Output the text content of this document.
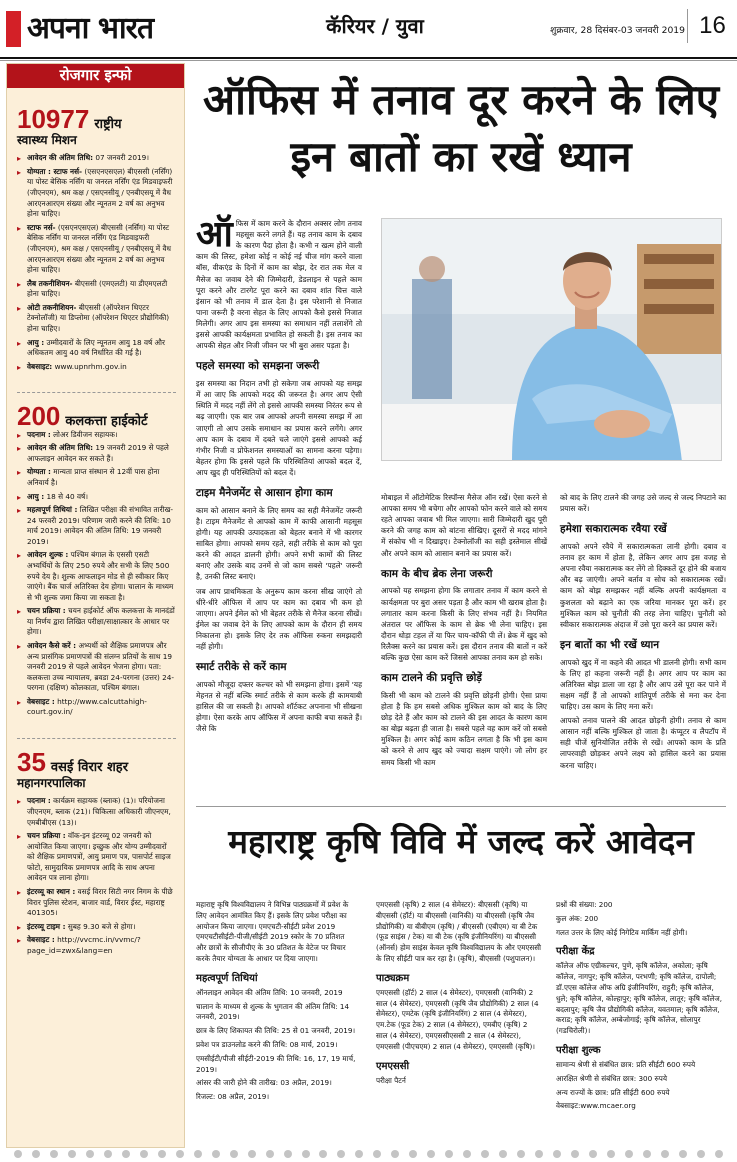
अपना भारत	कॅरियर / युवा	शुक्रवार, 28 दिसंबर-03 जनवरी 2019 16
रोजगार इन्फो
10977 राष्ट्रीय
स्वास्थ्य मिशन
▸ आवेदन की अंतिम तिथि: 07 जनवरी 2019।
▸ योग्यता : स्टाफ नर्स- (एसएनएसएल) बीएससी (नर्सिंग) या पोस्ट बेसिक नर्सिंग या जनरल नर्सिंग एंड मिडवाइफरी (जीएनएम), श्रम कक्ष / एसएनसीयू / एनबीएसयू में वैध आरएनआरएम संख्या और न्यूनतम 2 वर्ष का अनुभव होना चाहिए।
▸ स्टाफ नर्स- (एसएनएसएल) बीएससी (नर्सिंग) या पोस्ट बेसिक नर्सिंग या जनरल नर्सिंग एंड मिडवाइफरी (जीएनएम), श्रम कक्ष / एसएनसीयू / एनबीएसयू में वैध आरएनआरएम संख्या और न्यूनतम 2 वर्ष का अनुभव होना चाहिए।
▸ लैब तकनीशियन- बीएससी (एमएलटी) या डीएमएलटी होना चाहिए।
▸ ओटी तकनीशियन- बीएससी (ऑपरेशन थिएटर टेक्नोलॉजी) या डिप्लोमा (ऑपरेशन थिएटर प्रौद्योगिकी) होना चाहिए।
▸ आयु : उम्मीदवारों के लिए न्यूनतम आयु 18 वर्ष और अधिकतम आयु 40 वर्ष निर्धारित की गई है।
▸ वेबसाइट: www.upnrhm.gov.in
200 कलकत्ता हाईकोर्ट
▸ पदनाम : लोअर डिवीजन सहायक।
▸ आवेदन की अंतिम तिथि: 19 जनवरी 2019 से पहले आफलाइन आवेदन कर सकते हैं।
▸ योग्यता : मान्यता प्राप्त संस्थान से 12वीं पास होना अनिवार्य है।
▸ आयु : 18 से 40 वर्ष।
▸ महत्वपूर्ण तिथियां : लिखित परीक्षा की संभावित तारीख- 24 फरवरी 2019। परिणाम जारी करने की तिथि: 10 मार्च 2019। आवेदन की अंतिम तिथि: 19 जनवरी 2019।
▸ आवेदन शुल्क : पश्चिम बंगाल के एससी एसटी अभ्यर्थियों के लिए 250 रुपये और सभी के लिए 500 रुपये देय है। शुल्क आफलाइन मोड से ही स्वीकार किए जाएंगे। बैंक चार्ज अतिरिक्त देय होगा। चालान के माध्यम से भी शुल्क जमा किया जा सकता है।
▸ चयन प्रक्रिया : चयन हाईकोर्ट ऑफ कलकत्ता के मानदंडों या निर्णय द्वारा लिखित परीक्षा/साक्षात्कार के आधार पर होगा।
▸ आवेदन कैसे करें : अभ्यर्थी को शैक्षिक प्रमाणपत्र और अन्य प्रासंगिक प्रमाणपत्रों की संलग्न प्रतियों के साथ 19 जनवरी 2019 से पहले आवेदन भेजना होगा। पता: कलकत्ता उच्च न्यायालय, ब्रवडा 24-परगना (उत्तर) 24-परगना (दक्षिण) कोलकाता, पश्चिम बंगाल।
▸ वेबसाइट : http://www.calcuttahigh-court.gov.in/
35 वसई विरार शहर
महानगरपालिका
▸ पदनाम : कार्यक्रम सहायक (ब्लाक) (1)। परियोजना जीएनएम, ब्लाक (21)। चिकित्सा अधिकारी जीएनएम, एमबीबीएस (13)।
▸ चयन प्रक्रिया : वॉक-इन इंटरव्यू 02 जनवरी को आयोजित किया जाएगा। इच्छुक और योग्य उम्मीदवारों को शैक्षिक प्रमाणपत्रों, आयु प्रमाण पत्र, पासपोर्ट साइज फोटो, सामुदायिक प्रमाणपत्र आदि के साथ अपना आवेदन पत्र लाना होगा।
▸ इंटरव्यू का स्थान : वसई विरार सिटी नगर निगम के पीछे विरार पुलिस स्टेशन, बाजार वार्ड, विरार ईस्ट, महाराष्ट्र 401305।
▸ इंटरव्यू टाइम : सुबह 9.30 बजे से होगा।
▸ वेबसाइट : http://vvcmc.in/vvmc/?page_id=zwx&lang=en
ऑफिस में तनाव दूर करने के लिए इन बातों का रखें ध्यान

ऑफिस में काम करने के दौरान अक्सर लोग तनाव महसूस करने लगते हैं। यह तनाव काम के दबाव के कारण पैदा होता है। कभी न खत्म होने वाली काम की लिस्ट, हमेशा कोई न कोई नई चीज मांग करने वाला बॉस, वीकएंड के दिनों में काम का बोझ, देर रात तक मेल व मैसेज का जवाब देने की जिम्मेदारी, डेडलाइन से पहले काम पूरा करने और टारगेट पूरा करने का दबाव शांत चित्त वाले इंसान को भी तनाव में डाल देता है। इस परेशानी से निजात पाना जरूरी है वरना सेहत के लिए आपको कैसे इससे निजात मिलेगी। अगर आप इस समस्या का समाधान नहीं तलाशेंगे तो इससे आपकी कार्यक्षमता प्रभावित हो सकती है। इस तनाव का आपकी सेहत और निजी जीवन पर भी बुरा असर पड़ता है।

पहले समस्या को समझना जरूरी

इस समस्या का निदान तभी हो सकेगा जब आपको यह समझ में आ जाए कि आपको मदद की जरूरत है। अगर आप ऐसी स्थिति में मदद नहीं लेंगे तो इससे आपकी समस्या निरंतर रूप से बढ़ जाएगी। एक बार जब आपको अपनी समस्या समझ में आ जाएगी तो आप उसके समाधान का प्रयास करने लगेंगे। अगर आप काम के दबाव में दबते चले जाएंगे इससे आपको कई गंभीर निजी व प्रोफेशनल समस्याओं का सामना करना पड़ेगा। बेहतर होगा कि इससे पहले कि परिस्थितियां आपको बदल दें, आप खुद ही परिस्थितियों को बदल दें।

टाइम मैनेजमेंट से आसान होगा काम

काम को आसान बनाने के लिए समय का सही मैनेजमेंट जरूरी है। टाइम मैनेजमेंट से आपको काम में काफी आसानी महसूस होगी। यह आपकी उत्पादकता को बेहतर बनाने में भी कारगर साबित होगा। आपको समय रहते, सही तरीके से काम को पूरा करने की आदत डालनी होगी। अपने सभी कामों की लिस्ट बनाएं और उसके बाद उनमें से जो काम सबसे 'पहले' जरूरी है, उनकी लिस्ट बनाएं।

जब आप प्राथमिकता के अनुरूप काम करना सीख जाएंगे तो धीरे-धीरे ऑफिस में आप पर काम का दबाव भी कम हो जाएगा। अपने ईमेल को भी बेहतर तरीके से मैनेज करना सीखें। ईमेल का जवाब देने के लिए आपको काम के दौरान ही समय निकालना हो। इसके लिए देर तक ऑफिस रुकना समझदारी नहीं होगी।

स्मार्ट तरीके से करें काम

आपको मौजूदा दफ्तर कल्चर को भी समझना होगा। इसमें 'यह मेहनत से नहीं बल्कि स्मार्ट तरीके से काम करके ही कामयाबी हासिल की जा सकती है। आपको शॉर्टकट अपनाना भी सीखना होगा। ऐसा करके आप ऑफिस में अपना काफी बचा सकते हैं। जैसे कि

मोबाइल में ऑटोमेटिक रिस्पॉन्स मैसेज ऑन रखें। ऐसा करने से आपका समय भी बचेगा और आपको फोन करने वाले को समय रहते आपका जवाब भी मिल जाएगा। सारी जिम्मेदारी खुद पूरी करने की जगह काम को बांटना सीखिए। दूसरों से मदद मांगने में संकोच भी न दिखाइए। टेक्नोलॉजी का सही इस्तेमाल सीखें और अपने काम को आसान बनाने का प्रयास करें।

काम के बीच ब्रेक लेना जरूरी

आपको यह समझना होगा कि लगातार तनाव में काम करने से कार्यक्षमता पर बुरा असर पड़ता है और काम भी खराब होता है। लगातार काम करना किसी के लिए संभव नहीं है। नियमित अंतराल पर ऑफिस के काम से ब्रेक भी लेना चाहिए। इस दौरान थोड़ा टहल लें या फिर चाय-कॉफी पी लें। ब्रेक में खुद को रिलैक्स करने का प्रयास करें। इस दौरान तनाव की बातों न करें बल्कि कुछ ऐसा काम करें जिससे आपका तनाव कम हो सके।

काम टालने की प्रवृत्ति छोड़ें

किसी भी काम को टालने की प्रवृत्ति छोड़नी होगी। ऐसा प्रायः होता है कि हम सबसे अधिक मुश्किल काम को बाद के लिए छोड़ देते हैं और काम को टालने की इस आदत के कारण काम का बोझ बढ़ता ही जाता है। सबसे पहले वह काम करें जो सबसे मुश्किल है। अगर कोई काम कठिन लगता है कि भी इस काम को करने से आप खुद को ज्यादा सक्षम पाएंगे। जो लोग हर समय किसी भी काम

को बाद के लिए टालने की जगह उसे जल्द से जल्द निपटाने का प्रयास करें।

हमेशा सकारात्मक रवैया रखें

आपको अपने रवैये में सकारात्मकता लानी होगी। दबाव व तनाव हर काम में होता है, लेकिन अगर आप इस वजह से अपना रवैया नकारात्मक कर लेंगे तो दिक्कतें दूर होने की बजाय और बढ़ जाएंगी। अपने बर्ताव व सोच को सकारात्मक रखें। काम को बोझ समझकर नहीं बल्कि अपनी कार्यक्षमता व कुशलता को बढ़ाने का एक जरिया मानकर पूरा करें। हर मुश्किल काम को चुनौती की तरह लेना चाहिए। चुनौती को स्वीकार सकारात्मक अंदाज में उसे पूरा करने का प्रयास करें।

इन बातों का भी रखें ध्यान

आपको खुद में ना कहने की आदत भी डालनी होगी। सभी काम के लिए हां कहना जरूरी नहीं है। अगर आप पर काम का अतिरिक्त बोझ डाला जा रहा है और आप उसे पूरा कर पाने में सक्षम नहीं हैं तो आपको शांतिपूर्ण तरीके से मना कर देना चाहिए। उस काम के लिए मना करें।

आपको तनाव पालने की आदत छोड़नी होगी। तनाव से काम आसान नहीं बल्कि मुश्किल हो जाता है। कंप्यूटर व लैपटॉप में सही चीजें सुनियोजित तरीके से रखें। आपको काम के प्रति लापरवाही छोड़कर अपने लक्ष्य को हासिल करने का प्रयास करना चाहिए।

महाराष्ट्र कृषि विवि में जल्द करें आवेदन

महाराष्ट्र कृषि विश्वविद्यालय ने विभिन्न पाठ्यक्रमों में प्रवेश के लिए आवेदन आमंत्रित किए हैं। इसके लिए प्रवेश परीक्षा का आयोजन किया जाएगा। एमएचटी-सीईटी प्रवेश 2019 एमएचटीसीईटी-पीजी/सीईटी 2019 स्कोर के 70 प्रतिशत और छात्रों के सीजीपीए के 30 प्रतिशत के वेटेज पर विचार करके तैयार योग्यता के आधार पर दिया जाएगा।

महत्वपूर्ण तिथियां

ऑनलाइन आवेदन की अंतिम तिथि: 10 जनवरी, 2019

चालान के माध्यम से शुल्क के भुगतान की अंतिम तिथि: 14 जनवरी, 2019।

छात्र के लिए शिकायत की तिथि: 25 से 01 जनवरी, 2019।

प्रवेश पत्र डाउनलोड करने की तिथि: 08 मार्च, 2019।

एमसीईटी/पीजी सीईटी-2019 की तिथि: 16, 17, 19 मार्च, 2019।

आंसर की जारी होने की तारीख: 03 अप्रैल, 2019।

रिजल्ट: 08 अप्रैल, 2019।

एमएससी (कृषि) 2 साल (4 सेमेस्टर): बीएससी (कृषि) या बीएससी (हॉर्ट) या बीएससी (वानिकी) या बीएससी (कृषि जैव प्रौद्योगिकी) या बीबीएम (कृषि) / बीएससी (एबीएम) या बी टेक (फूड साइंस / टेक) या बी टेक (कृषि इंजीनियरिंग) या बीएससी (ऑनर्स) होम साइंस केवल कृषि विश्वविद्यालय के और एमएससी के लिए सीईटी पात्र कर रहा है। (कृषि), बीएससी (पशुपालन)।

पाठ्यक्रम

एमएससी (हॉर्ट) 2 साल (4 सेमेस्टर), एमएससी (वानिकी) 2 साल (4 सेमेस्टर), एमएससी (कृषि जैव प्रौद्योगिकी) 2 साल (4 सेमेस्टर), एमटेक (कृषि इंजीनियरिंग) 2 साल (4 सेमेस्टर), एम.टेक (फूड टेक) 2 साल (4 सेमेस्टर), एमबीए (कृषि) 2 साल (4 सेमेस्टर), एमएससीएससी 2 साल (4 सेमेस्टर), एमएससी (पीएचएम) 2 साल (4 सेमेस्टर), एमएससी (कृषि)।

एमएससी

परीक्षा पैटर्न

प्रश्नों की संख्या: 200

कुल अंक: 200

गलत उत्तर के लिए कोई निगेटिव मार्किंग नहीं होगी।

परीक्षा केंद्र

कॉलेज ऑफ एग्रीकल्चर, पुणे, कृषि कॉलेज, अकोला; कृषि कॉलेज, नागपुर; कृषि कॉलेज, परभणी; कृषि कॉलेज, दापोली; डॉ.एएस कॉलेज ऑफ अग्रि इंजीनियरिंग, राहुरी; कृषि कॉलेज, धुले; कृषि कॉलेज, कोल्हापुर; कृषि कॉलेज, लातूर; कृषि कॉलेज, बदलापुर; कृषि जैव प्रौद्योगिकी कॉलेज, यवतमाल; कृषि कॉलेज, कराड; कृषि कॉलेज, अम्बेजोगाई; कृषि कॉलेज, सोलापुर (गडचिरोली)।

परीक्षा शुल्क

सामान्य श्रेणी से संबंधित छात्र: प्रति सीईटी 600 रुपये

आरक्षित श्रेणी से संबंधित छात्र: 300 रुपये

अन्य राज्यों के छात्र: प्रति सीईटी 600 रुपये

वेबसाइट:www.mcaer.org
